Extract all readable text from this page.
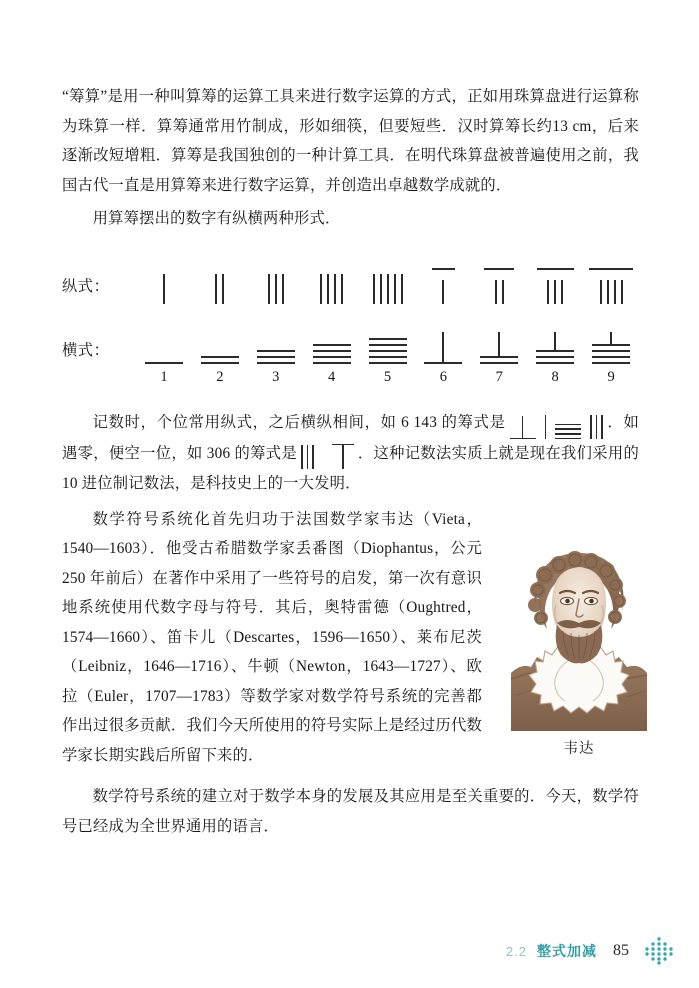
“筹算”是用一种叫算筹的运算工具来进行数字运算的方式，正如用珠算盘进行运算称为珠算一样．算筹通常用竹制成，形如细筷，但要短些．汉时算筹长约13 cm，后来逐渐改短增粗．算筹是我国独创的一种计算工具．在明代珠算盘被普遍使用之前，我国古代一直是用算筹来进行数字运算，并创造出卓越数学成就的．

用算筹摆出的数字有纵横两种形式．

纵式：
横式：
1	2	3	4	5	6	7	8	9

记数时，个位常用纵式，之后横纵相间，如 6 143 的筹式是	．如遇零，便空一位，如 306 的筹式是	．这种记数法实质上就是现在我们采用的 10 进位制记数法，是科技史上的一大发明．

数学符号系统化首先归功于法国数学家韦达（Vieta，1540—1603）．他受古希腊数学家丢番图（Diophantus，公元 250 年前后）在著作中采用了一些符号的启发，第一次有意识地系统使用代数字母与符号．其后，奥特雷德（Oughtred，1574—1660）、笛卡儿（Descartes，1596—1650）、莱布尼茨（Leibniz，1646—1716）、牛顿（Newton，1643—1727）、欧拉（Euler，1707—1783）等数学家对数学符号系统的完善都作出过很多贡献．我们今天所使用的符号实际上是经过历代数学家长期实践后所留下来的．

数学符号系统的建立对于数学本身的发展及其应用是至关重要的．今天，数学符号已经成为全世界通用的语言．

韦达
2.2 整式加减 85
